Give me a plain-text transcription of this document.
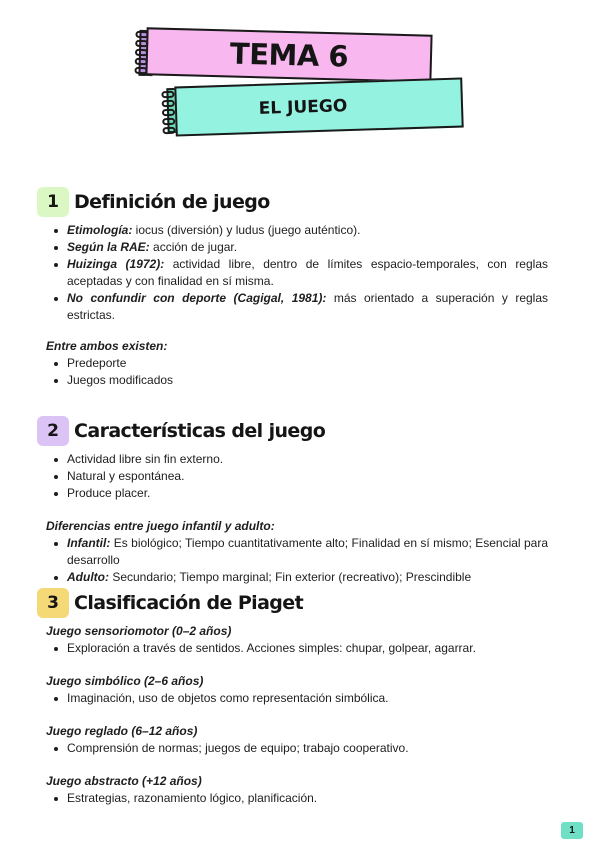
TEMA 6
EL JUEGO
1 Definición de juego
Etimología: iocus (diversión) y ludus (juego auténtico).
Según la RAE: acción de jugar.
Huizinga (1972): actividad libre, dentro de límites espacio-temporales, con reglas aceptadas y con finalidad en sí misma.
No confundir con deporte (Cagigal, 1981): más orientado a superación y reglas estrictas.
Entre ambos existen:
Predeporte
Juegos modificados
2 Características del juego
Actividad libre sin fin externo.
Natural y espontánea.
Produce placer.
Diferencias entre juego infantil y adulto:
Infantil: Es biológico; Tiempo cuantitativamente alto; Finalidad en sí mismo; Esencial para desarrollo
Adulto: Secundario; Tiempo marginal; Fin exterior (recreativo); Prescindible
3 Clasificación de Piaget
Juego sensoriomotor (0–2 años)
Exploración a través de sentidos. Acciones simples: chupar, golpear, agarrar.
Juego simbólico (2–6 años)
Imaginación, uso de objetos como representación simbólica.
Juego reglado (6–12 años)
Comprensión de normas; juegos de equipo; trabajo cooperativo.
Juego abstracto (+12 años)
Estrategias, razonamiento lógico, planificación.
1
